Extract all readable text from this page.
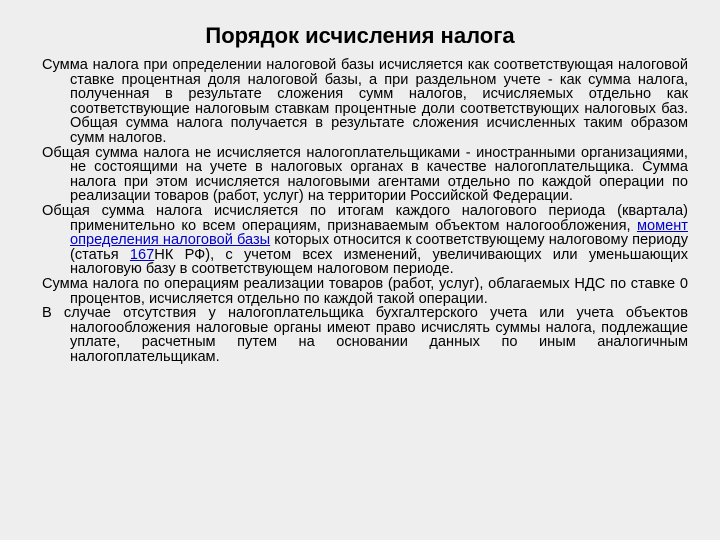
Порядок исчисления налога

Сумма налога при определении налоговой базы исчисляется как соответствующая налоговой ставке процентная доля налоговой базы, а при раздельном учете - как сумма налога, полученная в результате сложения сумм налогов, исчисляемых отдельно как соответствующие налоговым ставкам процентные доли соответствующих налоговых баз. Общая сумма налога получается в результате сложения исчисленных таким образом сумм налогов.

Общая сумма налога не исчисляется налогоплательщиками - иностранными организациями, не состоящими на учете в налоговых органах в качестве налогоплательщика. Сумма налога при этом исчисляется налоговыми агентами отдельно по каждой операции по реализации товаров (работ, услуг) на территории Российской Федерации.

Общая сумма налога исчисляется по итогам каждого налогового периода (квартала) применительно ко всем операциям, признаваемым объектом налогообложения, момент определения налоговой базы которых относится к соответствующему налоговому периоду (статья 167НК РФ), с учетом всех изменений, увеличивающих или уменьшающих налоговую базу в соответствующем налоговом периоде.

Сумма налога по операциям реализации товаров (работ, услуг), облагаемых НДС по ставке 0 процентов, исчисляется отдельно по каждой такой операции.

В случае отсутствия у налогоплательщика бухгалтерского учета или учета объектов налогообложения налоговые органы имеют право исчислять суммы налога, подлежащие уплате, расчетным путем на основании данных по иным аналогичным налогоплательщикам.
